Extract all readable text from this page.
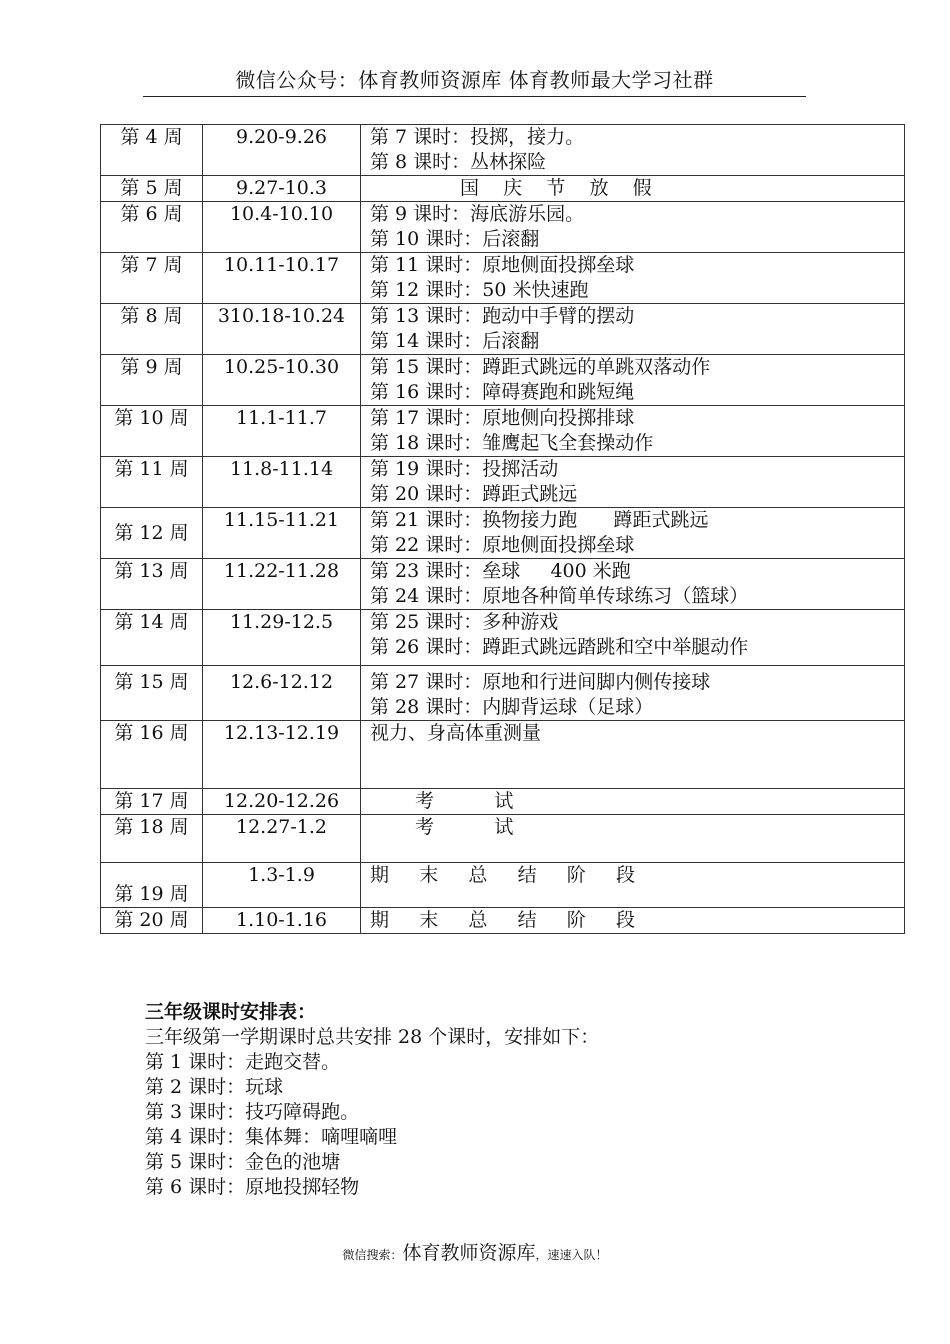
微信公众号：体育教师资源库 体育教师最大学习社群
第 4 周	9.20-9.26	第 7 课时：投掷，接力。
第 8 课时：丛林探险

第 5 周	9.27-10.3	国    庆    节    放    假

第 6 周	10.4-10.10	第 9 课时：海底游乐园。
第 10 课时：后滚翻

第 7 周	10.11-10.17	第 11 课时：原地侧面投掷垒球
第 12 课时：50 米快速跑

第 8 周	310.18-10.24	第 13 课时：跑动中手臂的摆动
第 14 课时：后滚翻

第 9 周	10.25-10.30	第 15 课时：蹲距式跳远的单跳双落动作
第 16 课时：障碍赛跑和跳短绳

第 10 周	11.1-11.7	第 17 课时：原地侧向投掷排球
第 18 课时：雏鹰起飞全套操动作

第 11 周	11.8-11.14	第 19 课时：投掷活动
第 20 课时：蹲距式跳远

第 12 周	11.15-11.21	第 21 课时：换物接力跑      蹲距式跳远
第 22 课时：原地侧面投掷垒球

第 13 周	11.22-11.28	第 23 课时：垒球     400 米跑
第 24 课时：原地各种简单传球练习（篮球）

第 14 周	11.29-12.5	第 25 课时：多种游戏
第 26 课时：蹲距式跳远踏跳和空中举腿动作

第 15 周	12.6-12.12	第 27 课时：原地和行进间脚内侧传接球
第 28 课时：内脚背运球（足球）

第 16 周	12.13-12.19	视力、身高体重测量

第 17 周	12.20-12.26	考          试

第 18 周	12.27-1.2	考          试

第 19 周	1.3-1.9	期     末     总     结     阶     段

第 20 周	1.10-1.16	期     末     总     结     阶     段
三年级课时安排表：
三年级第一学期课时总共安排 28 个课时，安排如下：
第 1 课时：走跑交替。
第 2 课时：玩球
第 3 课时：技巧障碍跑。
第 4 课时：集体舞：嘀哩嘀哩
第 5 课时：金色的池塘
第 6 课时：原地投掷轻物
微信搜索：体育教师资源库，速速入队！
